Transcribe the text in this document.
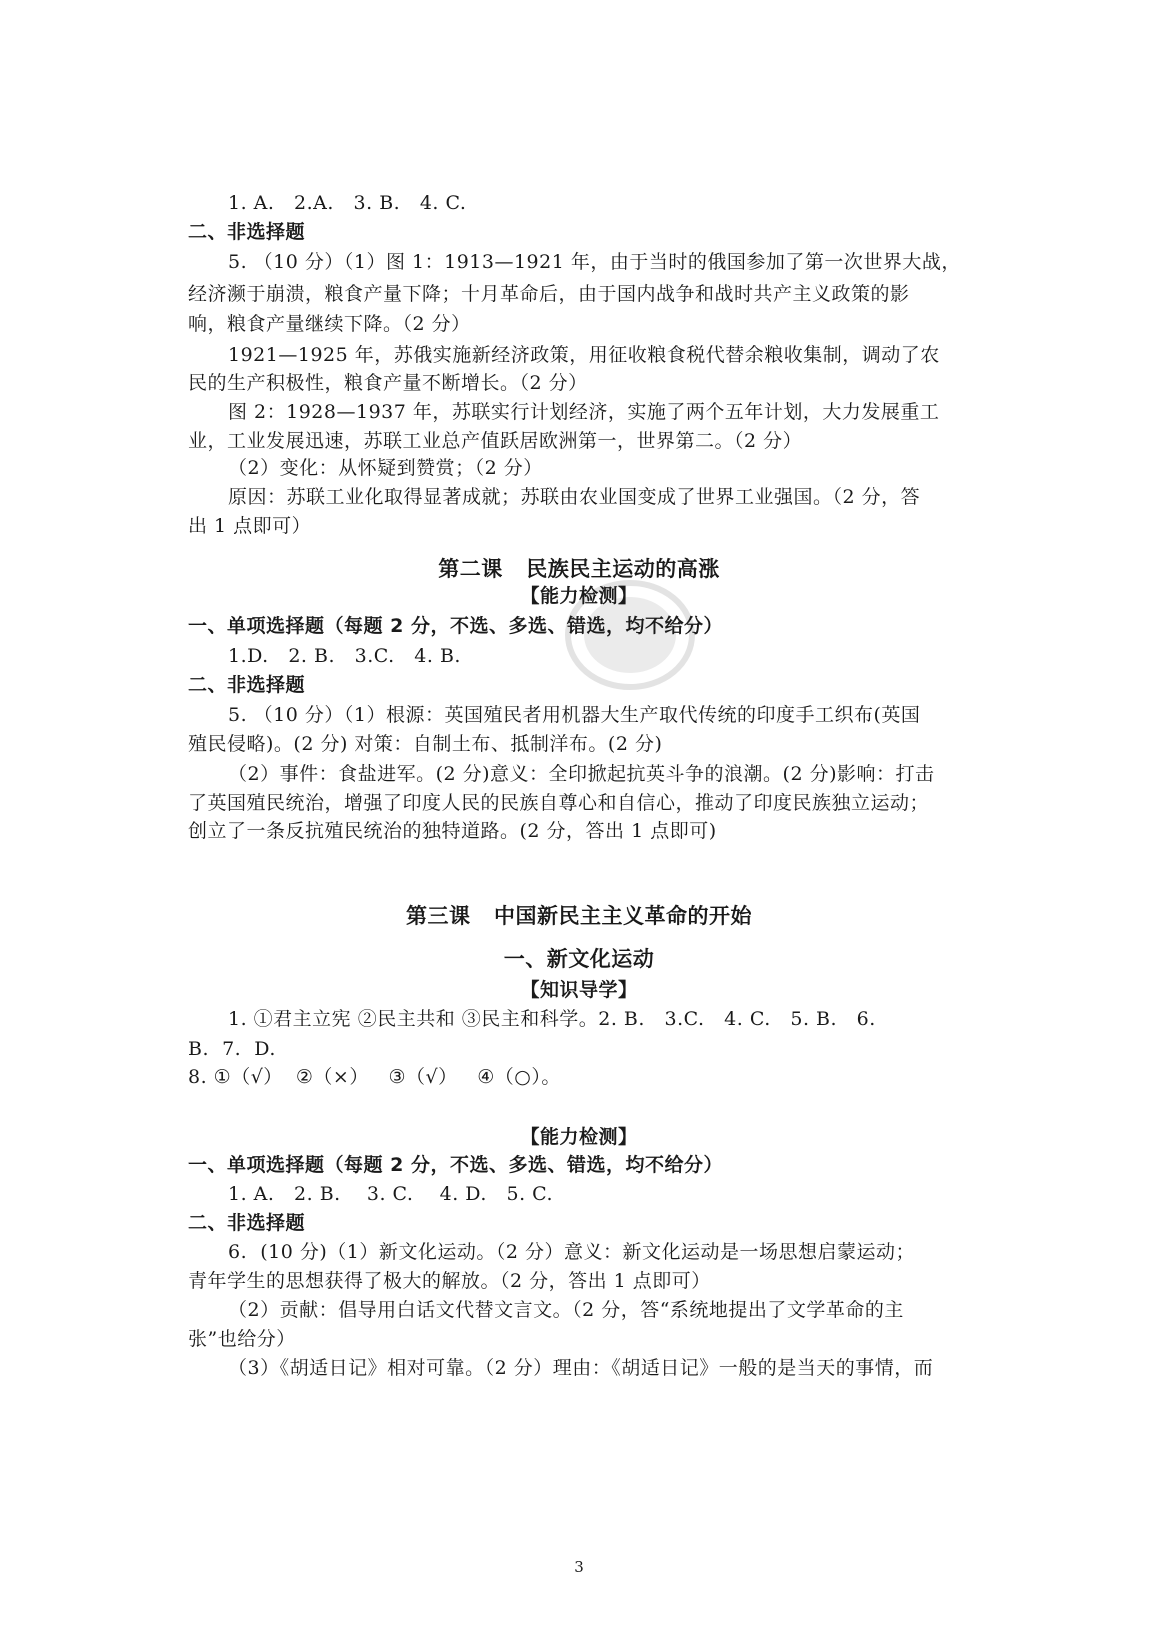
1. A.   2.A.   3. B.   4. C.
二、非选择题
5. （10 分）（1）图 1：1913—1921 年，由于当时的俄国参加了第一次世界大战，
经济濒于崩溃，粮食产量下降；十月革命后，由于国内战争和战时共产主义政策的影
响，粮食产量继续下降。（2 分）
1921—1925 年，苏俄实施新经济政策，用征收粮食税代替余粮收集制，调动了农
民的生产积极性，粮食产量不断增长。（2 分）
图 2：1928—1937 年，苏联实行计划经济，实施了两个五年计划，大力发展重工
业，工业发展迅速，苏联工业总产值跃居欧洲第一，世界第二。（2 分）
（2）变化：从怀疑到赞赏；（2 分）
原因：苏联工业化取得显著成就；苏联由农业国变成了世界工业强国。（2 分，答
出 1 点即可）
第二课   民族民主运动的高涨
【能力检测】
一、单项选择题（每题 2 分，不选、多选、错选，均不给分）
1.D.   2. B.   3.C.   4. B.
二、非选择题
5. （10 分）（1）根源：英国殖民者用机器大生产取代传统的印度手工织布(英国
殖民侵略)。(2 分) 对策：自制土布、抵制洋布。(2 分)
（2）事件：食盐进军。(2 分)意义：全印掀起抗英斗争的浪潮。(2 分)影响：打击
了英国殖民统治，增强了印度人民的民族自尊心和自信心，推动了印度民族独立运动；
创立了一条反抗殖民统治的独特道路。(2 分，答出 1 点即可)
第三课   中国新民主主义革命的开始
一、新文化运动
【知识导学】
1. ①君主立宪 ②民主共和 ③民主和科学。2. B.   3.C.   4. C.   5. B.   6.
B.  7.  D.
8. ①（√）  ②（×）   ③（√）   ④（○）。
【能力检测】
一、单项选择题（每题 2 分，不选、多选、错选，均不给分）
1. A.   2. B.    3. C.    4. D.   5. C.
二、非选择题
6.  (10 分)（1）新文化运动。（2 分）意义：新文化运动是一场思想启蒙运动；
青年学生的思想获得了极大的解放。（2 分，答出 1 点即可）
（2）贡献：倡导用白话文代替文言文。（2 分，答“系统地提出了文学革命的主
张”也给分）
（3）《胡适日记》相对可靠。（2 分）理由：《胡适日记》一般的是当天的事情，而
3
